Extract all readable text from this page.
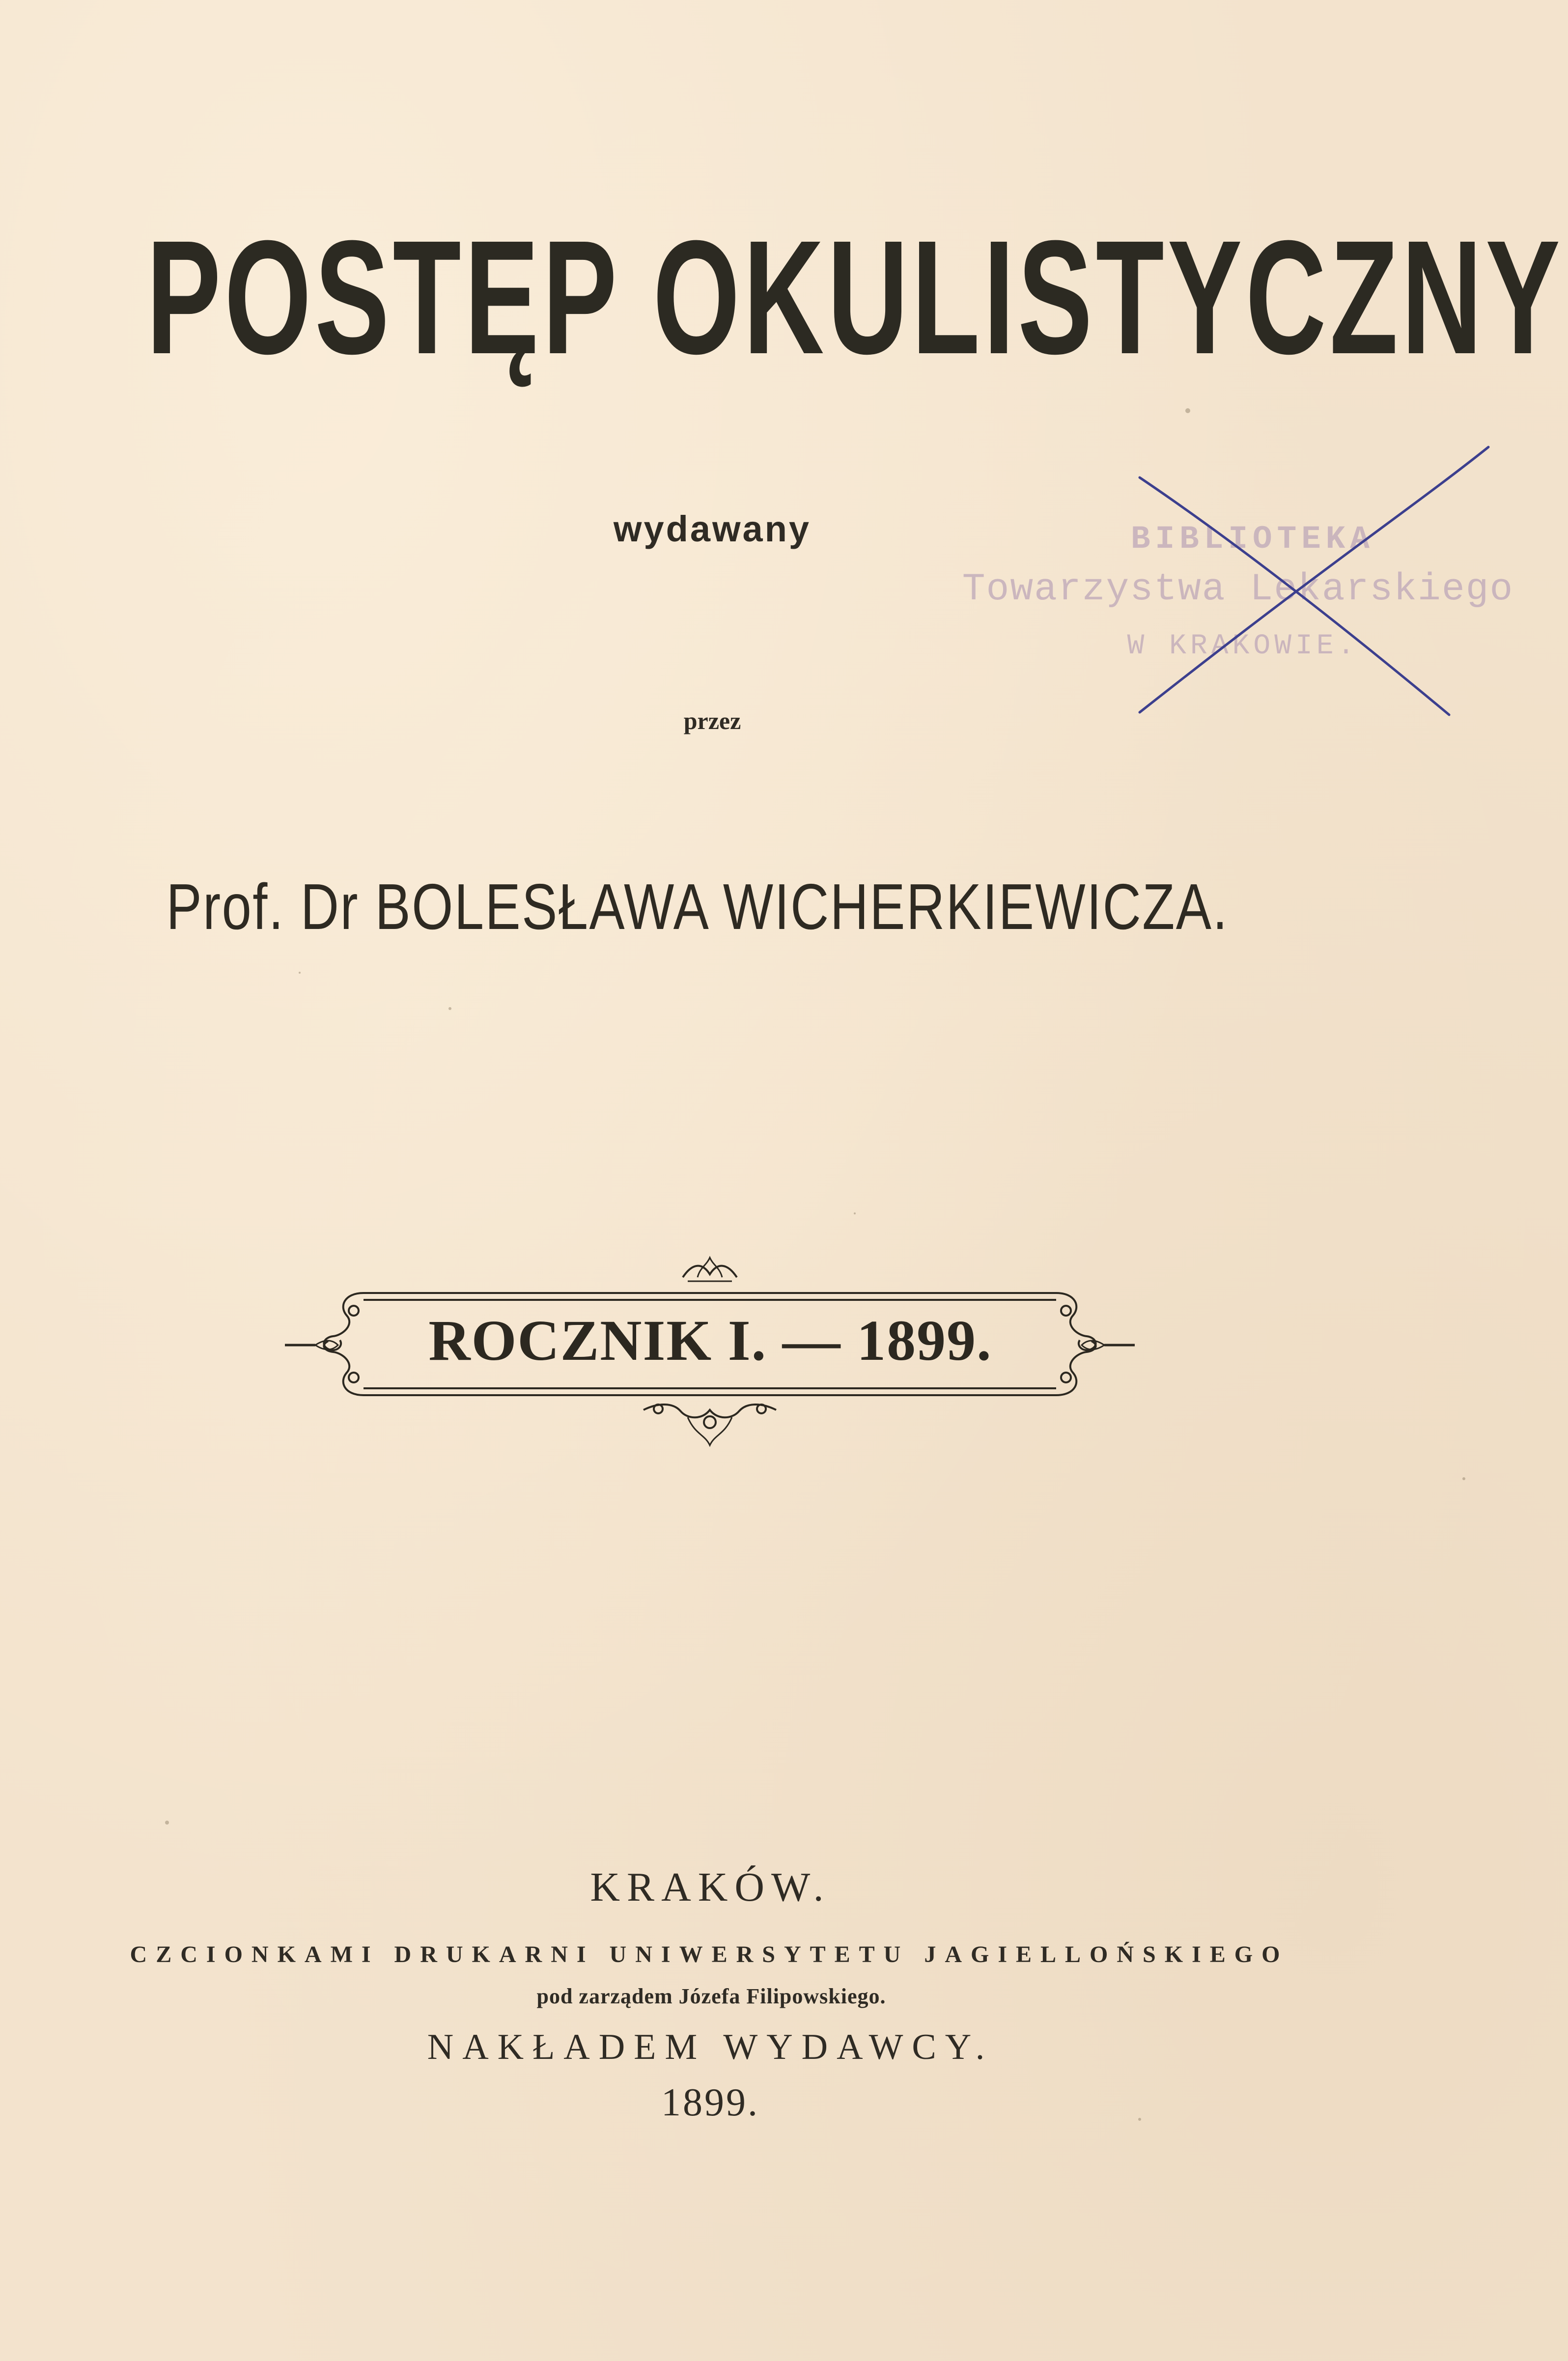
POSTĘP OKULISTYCZNY
wydawany
przez
Prof. Dr BOLESŁAWA WICHERKIEWICZA.
ROCZNIK I. — 1899.
KRAKÓW.
CZCIONKAMI DRUKARNI UNIWERSYTETU JAGIELLOŃSKIEGO
pod zarządem Józefa Filipowskiego.
NAKŁADEM WYDAWCY.
1899.
BIBLIOTEKA
Towarzystwa Lekarskiego
W KRAKOWIE.
